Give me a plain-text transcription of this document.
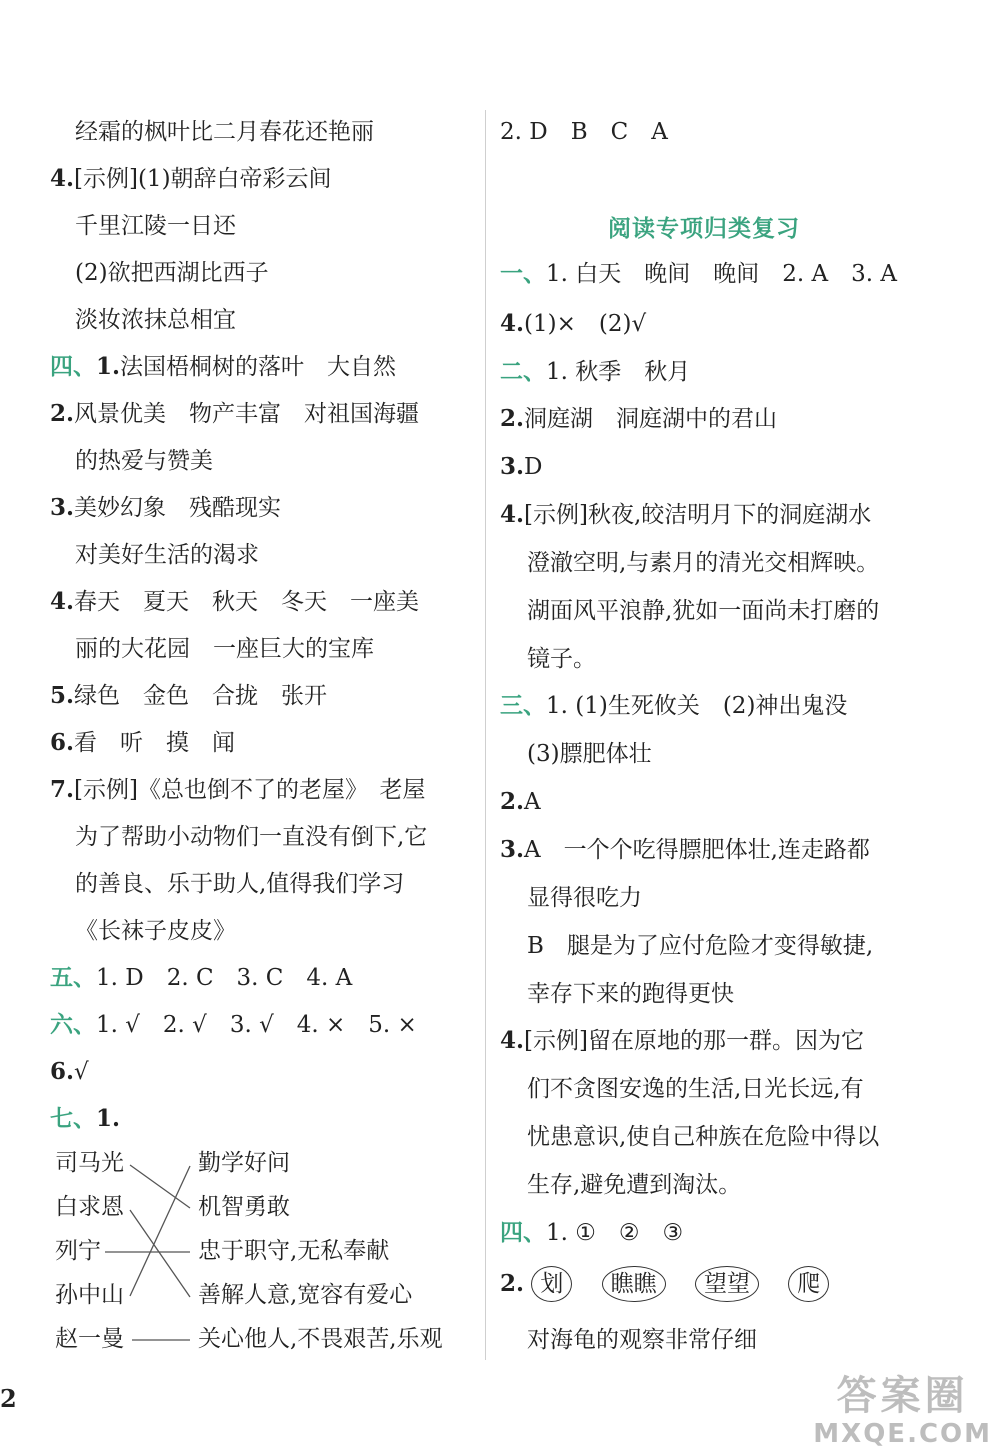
经霜的枫叶比二月春花还艳丽
4.[示例](1)朝辞白帝彩云间
千里江陵一日还
(2)欲把西湖比西子
淡妆浓抹总相宜
四、1.法国梧桐树的落叶　大自然
2.风景优美　物产丰富　对祖国海疆
的热爱与赞美
3.美妙幻象　残酷现实
对美好生活的渴求
4.春天　夏天　秋天　冬天　一座美
丽的大花园　一座巨大的宝库
5.绿色　金色　合拢　张开
6.看　听　摸　闻
7.[示例]《总也倒不了的老屋》　老屋
为了帮助小动物们一直没有倒下,它
的善良、乐于助人,值得我们学习
《长袜子皮皮》
五、1. D　2. C　3. C　4. A
六、1. √　2. √　3. √　4. ×　5. ×
6.√
七、1.
司马光
白求恩
列宁
孙中山
赵一曼
勤学好问
机智勇敢
忠于职守,无私奉献
善解人意,宽容有爱心
关心他人,不畏艰苦,乐观
2. D　B　C　A
阅读专项归类复习
一、1. 白天　晚间　晚间　2. A　3. A
4.(1)×　(2)√
二、1. 秋季　秋月
2.洞庭湖　洞庭湖中的君山
3.D
4.[示例]秋夜,皎洁明月下的洞庭湖水
澄澈空明,与素月的清光交相辉映。
湖面风平浪静,犹如一面尚未打磨的
镜子。
三、1. (1)生死攸关　(2)神出鬼没
(3)膘肥体壮
2.A
3.A　一个个吃得膘肥体壮,连走路都
显得很吃力
B　腿是为了应付危险才变得敏捷,
幸存下来的跑得更快
4.[示例]留在原地的那一群。因为它
们不贪图安逸的生活,日光长远,有
忧患意识,使自己种族在危险中得以
生存,避免遭到淘汰。
四、1. ①　②　③
2. 划 瞧瞧 望望 爬
对海龟的观察非常仔细
2	答案圈
MXQE.COM
